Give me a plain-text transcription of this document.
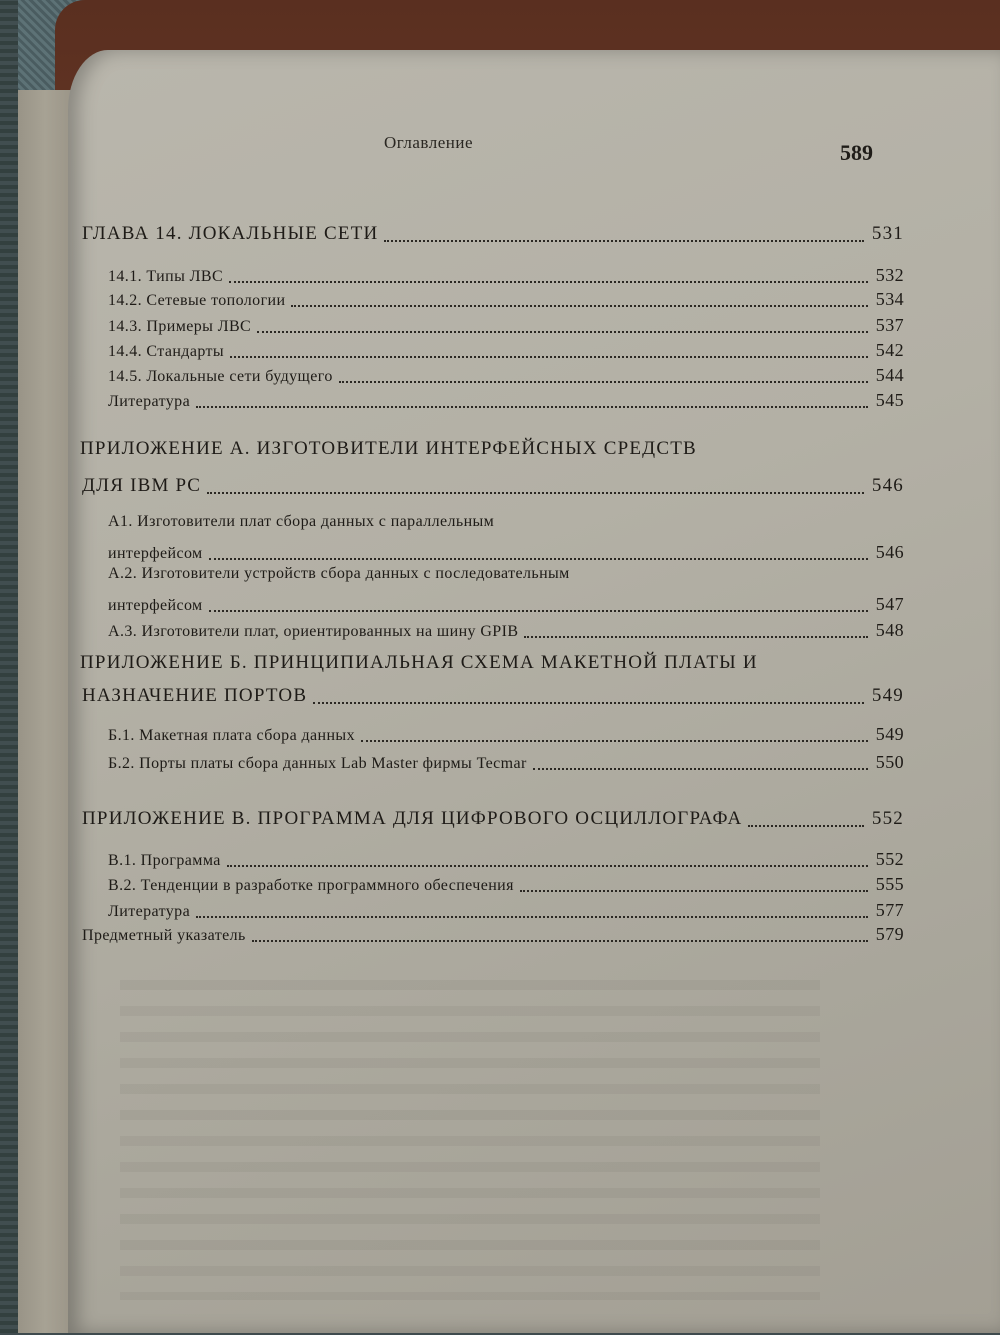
Оглавление	589
ГЛАВА 14. ЛОКАЛЬНЫЕ СЕТИ	531
14.1. Типы ЛВС	532
14.2. Сетевые топологии	534
14.3. Примеры ЛВС	537
14.4. Стандарты	542
14.5. Локальные сети будущего	544
Литература	545
ПРИЛОЖЕНИЕ А. ИЗГОТОВИТЕЛИ ИНТЕРФЕЙСНЫХ СРЕДСТВ
ДЛЯ IBM PC	546
А1. Изготовители плат сбора данных с параллельным
интерфейсом	546
А.2. Изготовители устройств сбора данных с последовательным
интерфейсом	547
А.3. Изготовители плат, ориентированных на шину GPIB	548
ПРИЛОЖЕНИЕ Б. ПРИНЦИПИАЛЬНАЯ СХЕМА МАКЕТНОЙ ПЛАТЫ И
НАЗНАЧЕНИЕ ПОРТОВ	549
Б.1. Макетная плата сбора данных	549
Б.2. Порты платы сбора данных Lab Master фирмы Tecmar	550
ПРИЛОЖЕНИЕ В. ПРОГРАММА ДЛЯ ЦИФРОВОГО ОСЦИЛЛОГРАФА	552
В.1. Программа	552
В.2. Тенденции в разработке программного обеспечения	555
Литература	577
Предметный указатель	579
